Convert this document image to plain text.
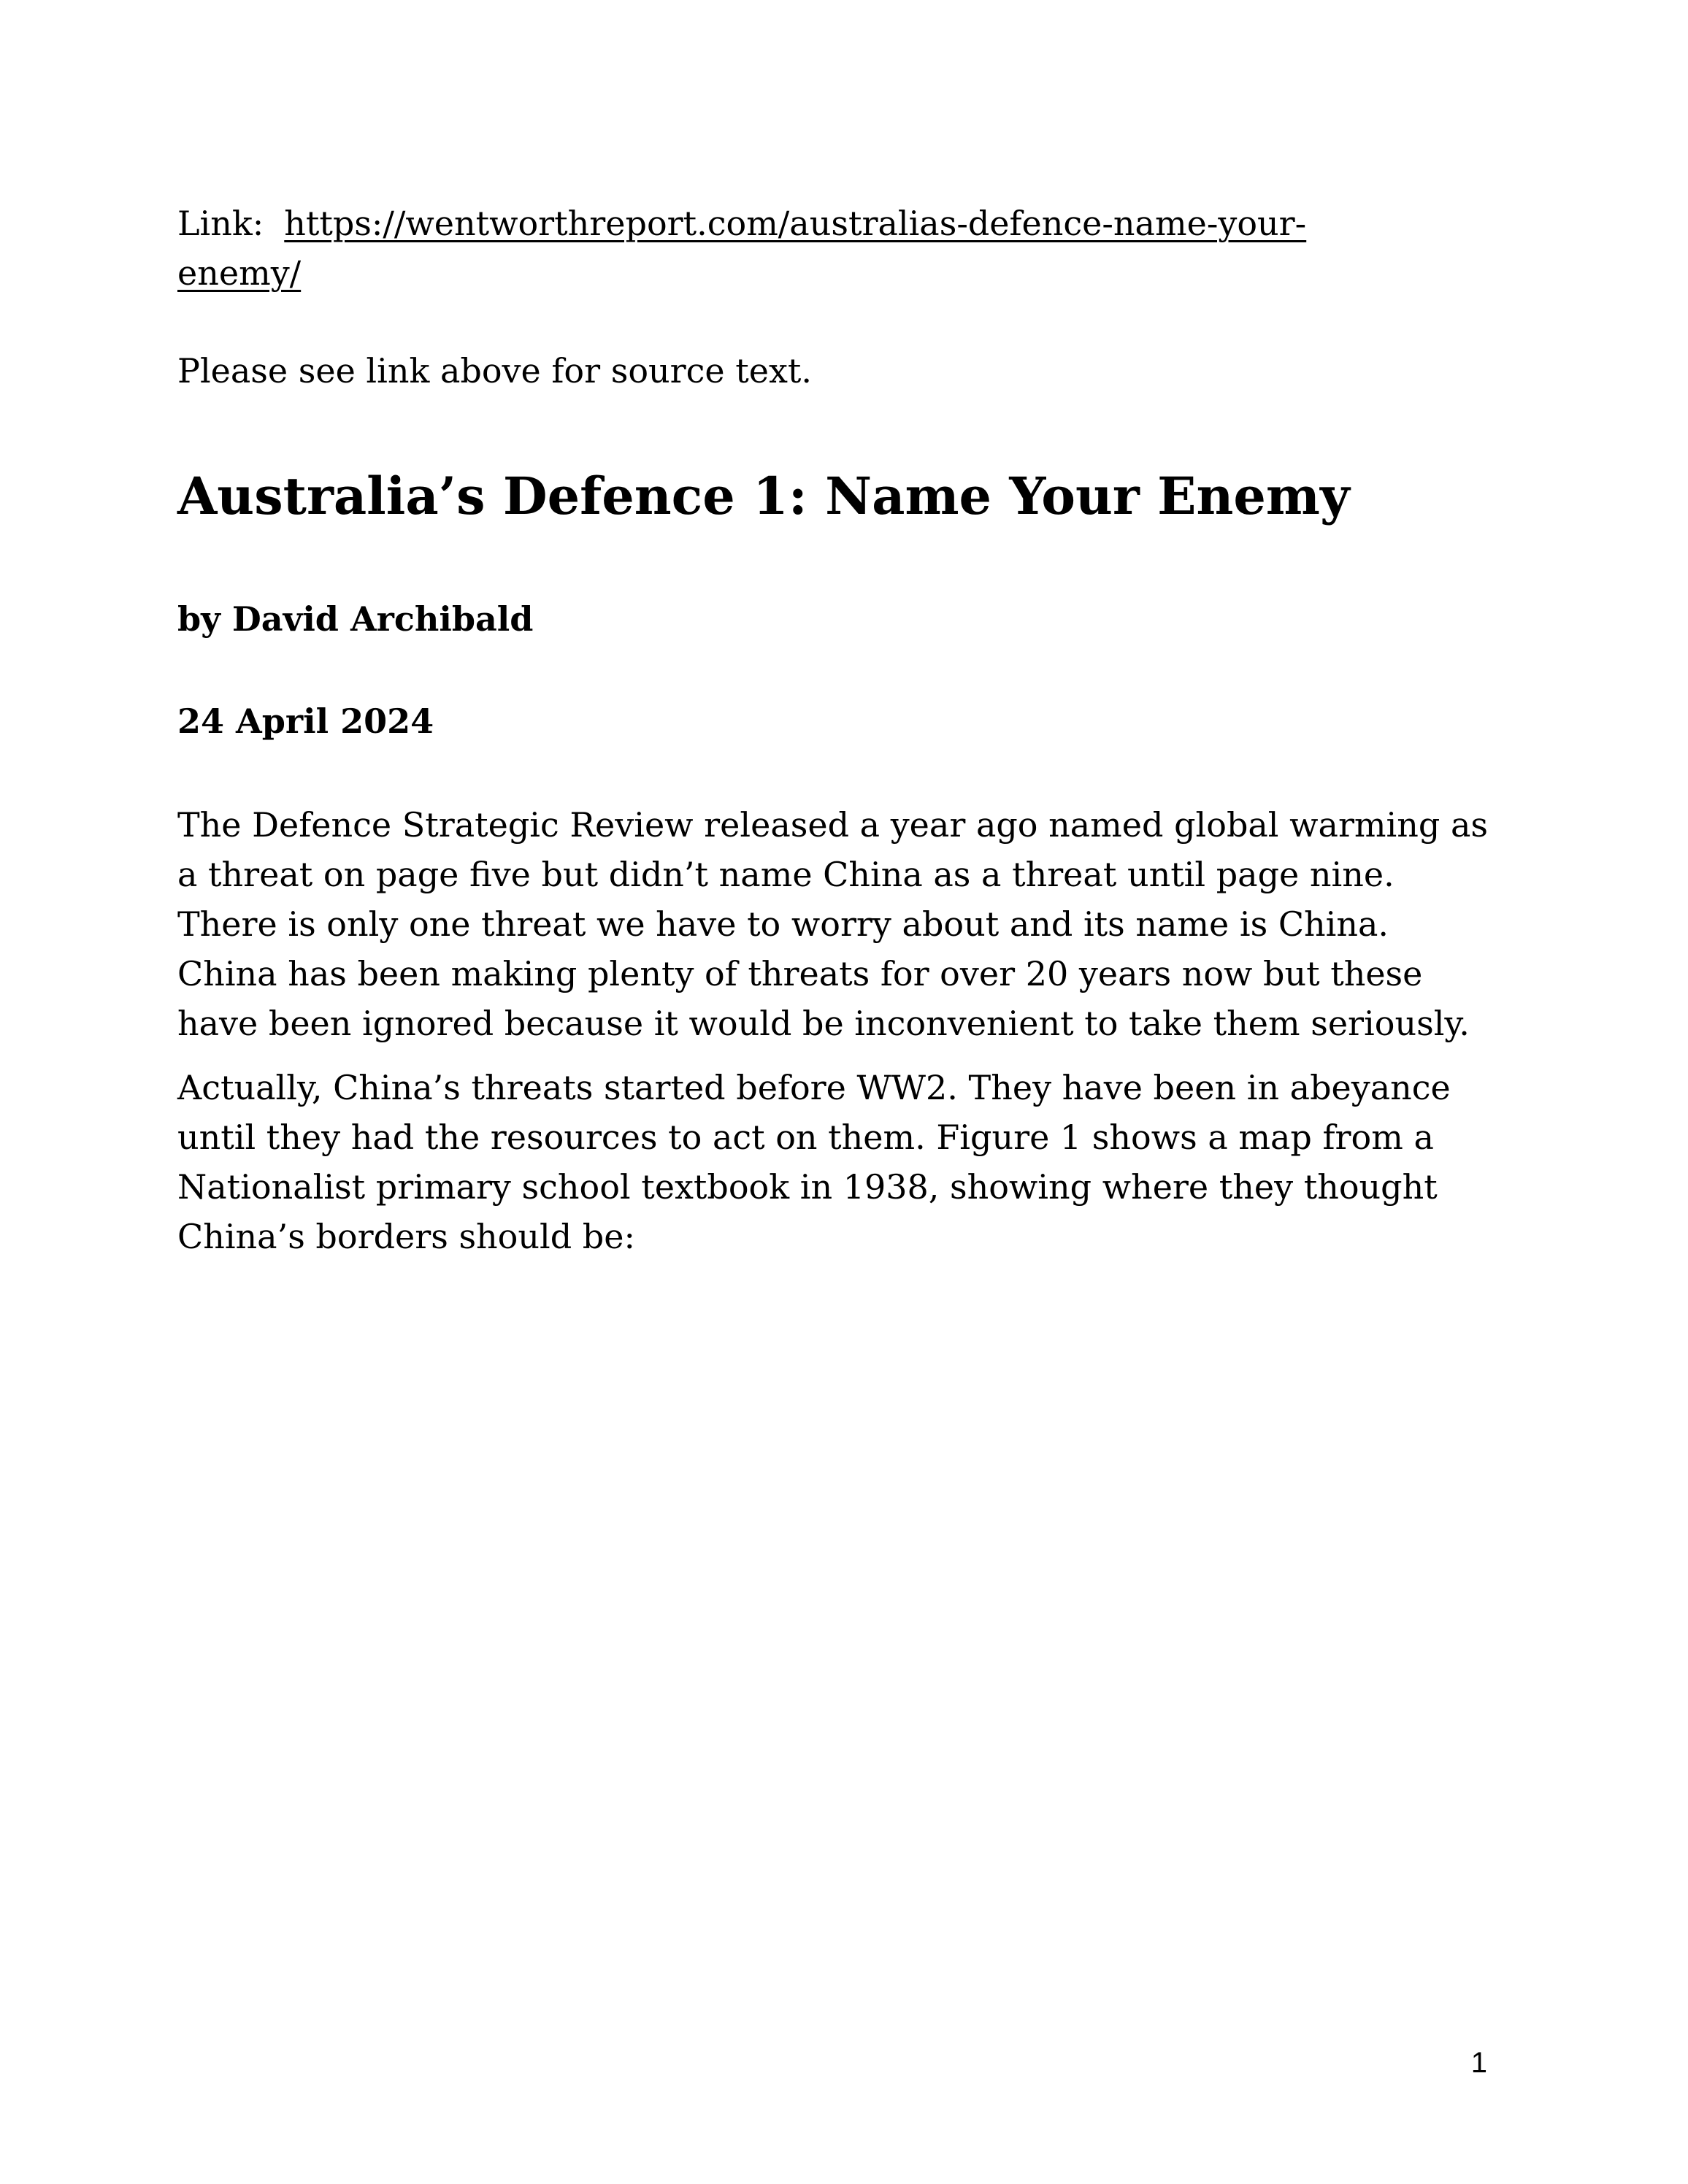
Link: https://wentworthreport.com/australias-defence-name-your-
enemy/
Please see link above for source text.
Australia’s Defence 1: Name Your Enemy
by David Archibald
24 April 2024
The Defence Strategic Review released a year ago named global warming as
a threat on page five but didn’t name China as a threat until page nine.
There is only one threat we have to worry about and its name is China.
China has been making plenty of threats for over 20 years now but these
have been ignored because it would be inconvenient to take them seriously.
Actually, China’s threats started before WW2. They have been in abeyance
until they had the resources to act on them. Figure 1 shows a map from a
Nationalist primary school textbook in 1938, showing where they thought
China’s borders should be:
1
